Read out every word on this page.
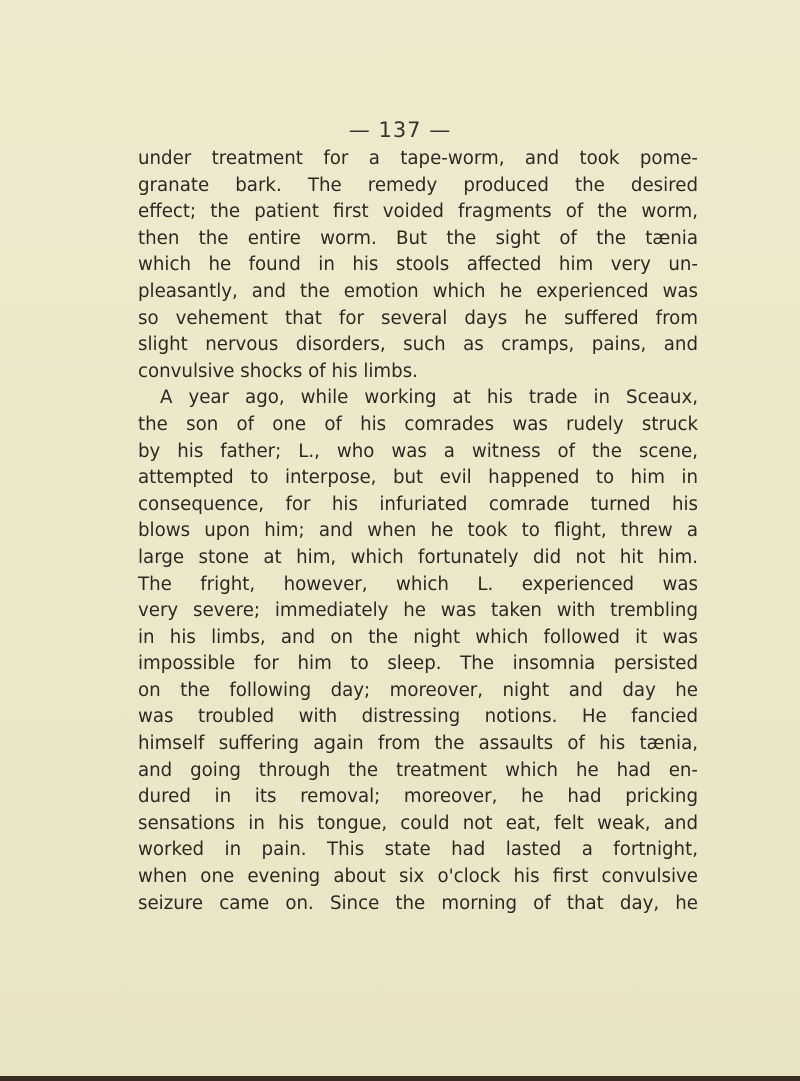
— 137 —
under treatment for a tape-worm, and took pome-
granate bark. The remedy produced the desired
effect; the patient first voided fragments of the worm,
then the entire worm. But the sight of the tænia
which he found in his stools affected him very un-
pleasantly, and the emotion which he experienced was
so vehement that for several days he suffered from
slight nervous disorders, such as cramps, pains, and
convulsive shocks of his limbs.
A year ago, while working at his trade in Sceaux,
the son of one of his comrades was rudely struck
by his father; L., who was a witness of the scene,
attempted to interpose, but evil happened to him in
consequence, for his infuriated comrade turned his
blows upon him; and when he took to flight, threw a
large stone at him, which fortunately did not hit him.
The fright, however, which L. experienced was
very severe; immediately he was taken with trembling
in his limbs, and on the night which followed it was
impossible for him to sleep. The insomnia persisted
on the following day; moreover, night and day he
was troubled with distressing notions. He fancied
himself suffering again from the assaults of his tænia,
and going through the treatment which he had en-
dured in its removal; moreover, he had pricking
sensations in his tongue, could not eat, felt weak, and
worked in pain. This state had lasted a fortnight,
when one evening about six o'clock his first convulsive
seizure came on. Since the morning of that day, he
